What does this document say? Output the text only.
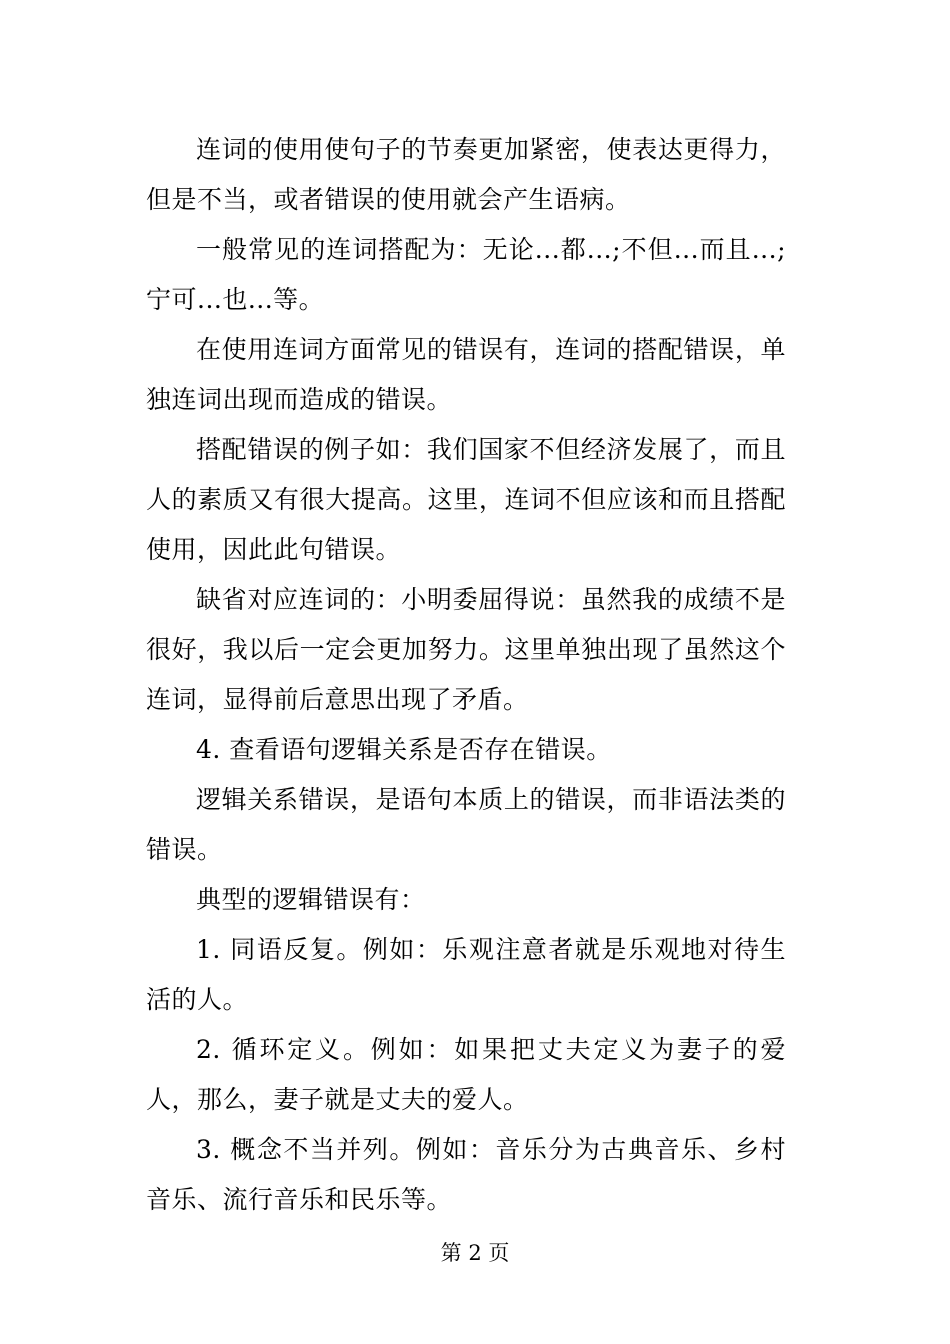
连词的使用使句子的节奏更加紧密，使表达更得力，但是不当，或者错误的使用就会产生语病。

一般常见的连词搭配为：无论...都...;不但...而且...;宁可...也...等。

在使用连词方面常见的错误有，连词的搭配错误，单独连词出现而造成的错误。

搭配错误的例子如：我们国家不但经济发展了，而且人的素质又有很大提高。这里，连词不但应该和而且搭配使用，因此此句错误。

缺省对应连词的：小明委屈得说：虽然我的成绩不是很好，我以后一定会更加努力。这里单独出现了虽然这个连词，显得前后意思出现了矛盾。

4. 查看语句逻辑关系是否存在错误。

逻辑关系错误，是语句本质上的错误，而非语法类的错误。

典型的逻辑错误有：

1. 同语反复。例如：乐观注意者就是乐观地对待生活的人。

2. 循环定义。例如：如果把丈夫定义为妻子的爱人，那么，妻子就是丈夫的爱人。

3. 概念不当并列。例如：音乐分为古典音乐、乡村音乐、流行音乐和民乐等。

第 2 页
